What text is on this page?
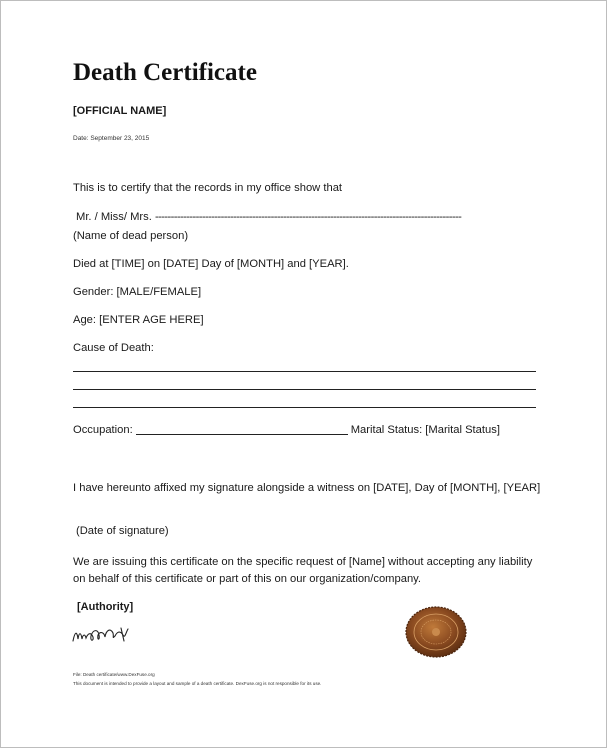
Death Certificate
[OFFICIAL NAME]
Date: September 23, 2015
This is to certify that the records in my office show that
Mr. / Miss/ Mrs. --------------------------------------------------------------------------------------------------
(Name of dead person)
Died at [TIME] on [DATE] Day of [MONTH] and [YEAR].
Gender: [MALE/FEMALE]
Age: [ENTER AGE HERE]
Cause of Death:
Occupation:	Marital Status: [Marital Status]
I have hereunto affixed my signature alongside a witness on [DATE], Day of [MONTH], [YEAR]
(Date of signature)
We are issuing this certificate on the specific request of [Name] without accepting any liability on behalf of this certificate or part of this on our organization/company.
[Authority]
File: Death certificate/www.DexFuse.org
This document is intended to provide a layout and sample of a death certificate. DexFuse.org is not responsible for its use.
